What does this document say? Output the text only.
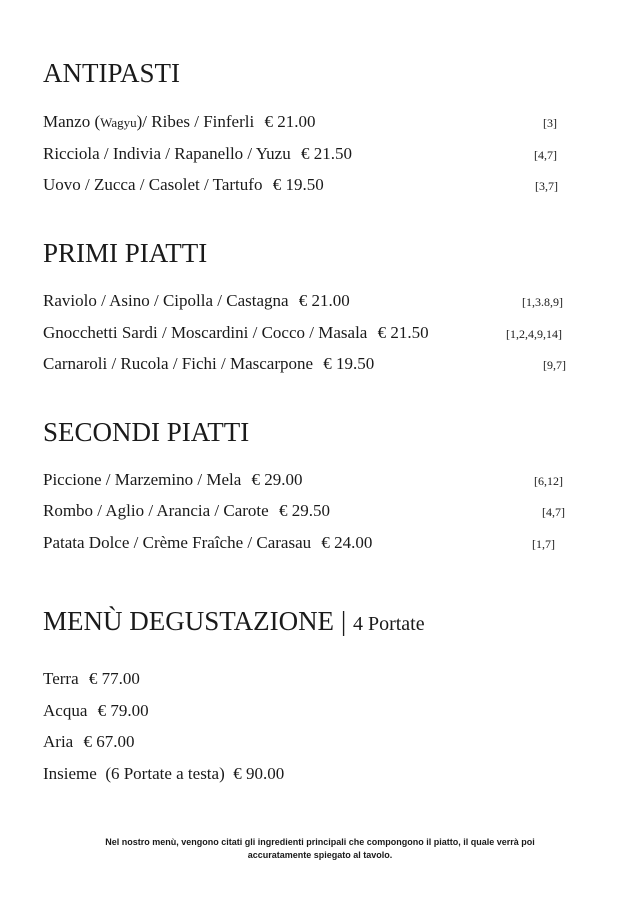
ANTIPASTI
Manzo (Wagyu)/ Ribes / Finferli € 21.00	[3]
Ricciola / Indivia / Rapanello / Yuzu € 21.50	[4,7]
Uovo / Zucca / Casolet / Tartufo € 19.50	[3,7]
PRIMI PIATTI
Raviolo / Asino / Cipolla / Castagna € 21.00	[1,3.8,9]
Gnocchetti Sardi / Moscardini / Cocco / Masala € 21.50	[1,2,4,9,14]
Carnaroli / Rucola / Fichi / Mascarpone € 19.50	[9,7]
SECONDI PIATTI
Piccione / Marzemino / Mela € 29.00	[6,12]
Rombo / Aglio / Arancia / Carote € 29.50	[4,7]
Patata Dolce / Crème Fraîche / Carasau € 24.00	[1,7]
MENÙ DEGUSTAZIONE | 4 Portate
Terra € 77.00
Acqua € 79.00
Aria € 67.00
Insieme  (6 Portate a testa) € 90.00
Nel nostro menù, vengono citati gli ingredienti principali che compongono il piatto, il quale verrà poi
accuratamente spiegato al tavolo.
